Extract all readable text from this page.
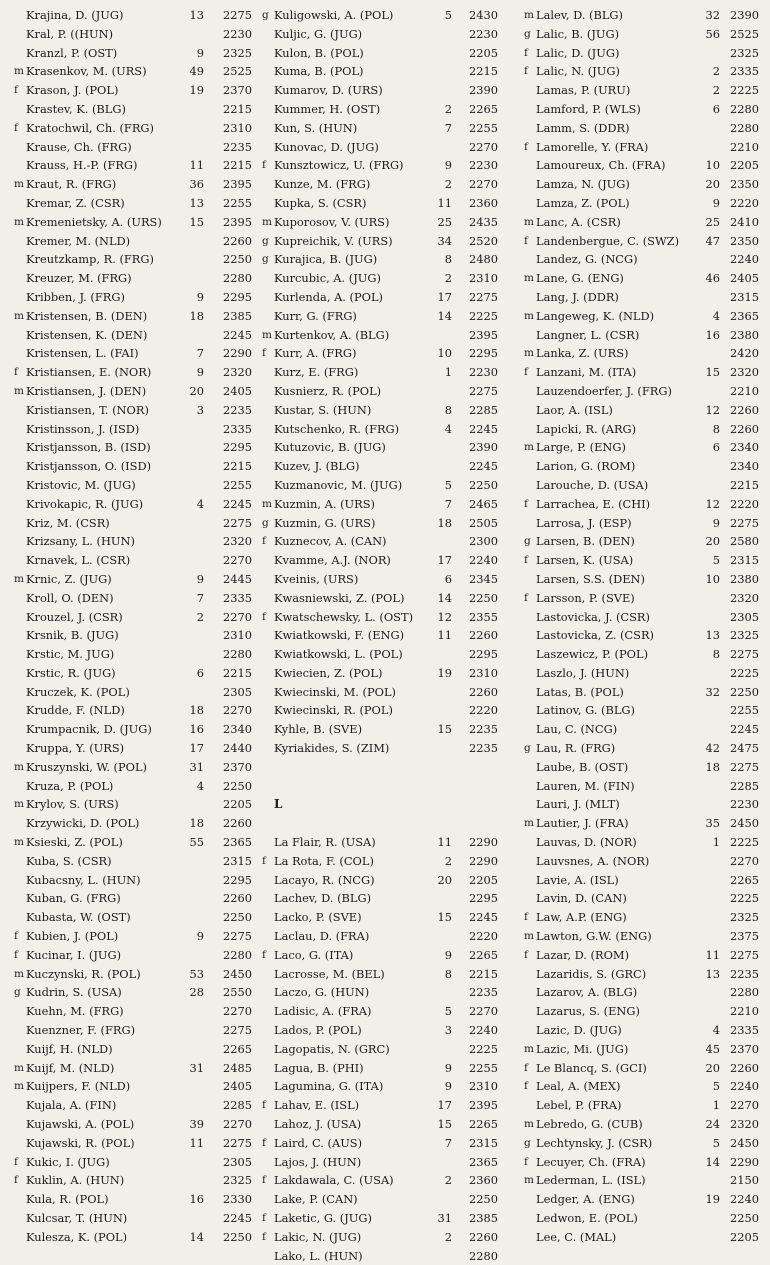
Krajina, D. (JUG)	13	2275
Kral, P. ((HUN)	2230
Kranzl, P. (OST)	9	2325
m Krasenkov, M. (URS)	49	2525
f Krason, J. (POL)	19	2370
Krastev, K. (BLG)	2215
f Kratochwil, Ch. (FRG)	2310
Krause, Ch. (FRG)	2235
Krauss, H.-P. (FRG)	11	2215
m Kraut, R. (FRG)	36	2395
Kremar, Z. (CSR)	13	2255
m Kremenietsky, A. (URS)	15	2395
Kremer, M. (NLD)	2260
Kreutzkamp, R. (FRG)	2250
Kreuzer, M. (FRG)	2280
Kribben, J. (FRG)	9	2295
m Kristensen, B. (DEN)	18	2385
Kristensen, K. (DEN)	2245
Kristensen, L. (FAI)	7	2290
f Kristiansen, E. (NOR)	9	2320
m Kristiansen, J. (DEN)	20	2405
Kristiansen, T. (NOR)	3	2235
Kristinsson, J. (ISD)	2335
Kristjansson, B. (ISD)	2295
Kristjansson, O. (ISD)	2215
Kristovic, M. (JUG)	2255
Krivokapic, R. (JUG)	4	2245
Kriz, M. (CSR)	2275
Krizsany, L. (HUN)	2320
Krnavek, L. (CSR)	2270
m Krnic, Z. (JUG)	9	2445
Kroll, O. (DEN)	7	2335
Krouzel, J. (CSR)	2	2270
Krsnik, B. (JUG)	2310
Krstic, M. JUG)	2280
Krstic, R. (JUG)	6	2215
Kruczek, K. (POL)	2305
Krudde, F. (NLD)	18	2270
Krumpacnik, D. (JUG)	16	2340
Kruppa, Y. (URS)	17	2440
m Kruszynski, W. (POL)	31	2370
Kruza, P. (POL)	4	2250
m Krylov, S. (URS)	2205
Krzywicki, D. (POL)	18	2260
m Ksieski, Z. (POL)	55	2365
Kuba, S. (CSR)	2315
Kubacsny, L. (HUN)	2295
Kuban, G. (FRG)	2260
Kubasta, W. (OST)	2250
f Kubien, J. (POL)	9	2275
f Kucinar, I. (JUG)	2280
m Kuczynski, R. (POL)	53	2450
g Kudrin, S. (USA)	28	2550
Kuehn, M. (FRG)	2270
Kuenzner, F. (FRG)	2275
Kuijf, H. (NLD)	2265
m Kuijf, M. (NLD)	31	2485
m Kuijpers, F. (NLD)	2405
Kujala, A. (FIN)	2285
Kujawski, A. (POL)	39	2270
Kujawski, R. (POL)	11	2275
f Kukic, I. (JUG)	2305
f Kuklin, A. (HUN)	2325
Kula, R. (POL)	16	2330
Kulcsar, T. (HUN)	2245
Kulesza, K. (POL)	14	2250
g Kuligowski, A. (POL)	5	2430
Kuljic, G. (JUG)	2230
Kulon, B. (POL)	2205
Kuma, B. (POL)	2215
Kumarov, D. (URS)	2390
Kummer, H. (OST)	2	2265
Kun, S. (HUN)	7	2255
Kunovac, D. (JUG)	2270
f Kunsztowicz, U. (FRG)	9	2230
Kunze, M. (FRG)	2	2270
Kupka, S. (CSR)	11	2360
m Kuporosov, V. (URS)	25	2435
g Kupreichik, V. (URS)	34	2520
g Kurajica, B. (JUG)	8	2480
Kurcubic, A. (JUG)	2	2310
Kurlenda, A. (POL)	17	2275
Kurr, G. (FRG)	14	2225
m Kurtenkov, A. (BLG)	2395
f Kurr, A. (FRG)	10	2295
Kurz, E. (FRG)	1	2230
Kusnierz, R. (POL)	2275
Kustar, S. (HUN)	8	2285
Kutschenko, R. (FRG)	4	2245
Kutuzovic, B. (JUG)	2390
Kuzev, J. (BLG)	2245
Kuzmanovic, M. (JUG)	5	2250
m Kuzmin, A. (URS)	7	2465
g Kuzmin, G. (URS)	18	2505
f Kuznecov, A. (CAN)	2300
Kvamme, A.J. (NOR)	17	2240
Kveinis, (URS)	6	2345
Kwasniewski, Z. (POL)	14	2250
f Kwatschewsky, L. (OST)	12	2355
Kwiatkowski, F. (ENG)	11	2260
Kwiatkowski, L. (POL)	2295
Kwiecien, Z. (POL)	19	2310
Kwiecinski, M. (POL)	2260
Kwiecinski, R. (POL)	2220
Kyhle, B. (SVE)	15	2235
Kyriakides, S. (ZIM)	2235
L
La Flair, R. (USA)	11	2290
f La Rota, F. (COL)	2	2290
Lacayo, R. (NCG)	20	2205
Lachev, D. (BLG)	2295
Lacko, P. (SVE)	15	2245
Laclau, D. (FRA)	2220
f Laco, G. (ITA)	9	2265
Lacrosse, M. (BEL)	8	2215
Laczo, G. (HUN)	2235
Ladisic, A. (FRA)	5	2270
Lados, P. (POL)	3	2240
Lagopatis, N. (GRC)	2225
Lagua, B. (PHI)	9	2255
Lagumina, G. (ITA)	9	2310
f Lahav, E. (ISL)	17	2395
Lahoz, J. (USA)	15	2265
f Laird, C. (AUS)	7	2315
Lajos, J. (HUN)	2365
f Lakdawala, C. (USA)	2	2360
Lake, P. (CAN)	2250
f Laketic, G. (JUG)	31	2385
f Lakic, N. (JUG)	2	2260
Lako, L. (HUN)	2280
m Lalev, D. (BLG)	32 2390
g Lalic, B. (JUG)	56 2525
f Lalic, D. (JUG)	2325
f Lalic, N. (JUG)	2 2335
Lamas, P. (URU)	2 2225
Lamford, P. (WLS)	6 2280
Lamm, S. (DDR)	2280
f Lamorelle, Y. (FRA)	2210
Lamoureux, Ch. (FRA)	10 2205
Lamza, N. (JUG)	20 2350
Lamza, Z. (POL)	9 2220
m Lanc, A. (CSR)	25 2410
f Landenbergue, C. (SWZ)	47 2350
Landez, G. (NCG)	2240
m Lane, G. (ENG)	46 2405
Lang, J. (DDR)	2315
m Langeweg, K. (NLD)	4 2365
Langner, L. (CSR)	16 2380
m Lanka, Z. (URS)	2420
f Lanzani, M. (ITA)	15 2320
Lauzendoerfer, J. (FRG)	2210
Laor, A. (ISL)	12 2260
Lapicki, R. (ARG)	8 2260
m Large, P. (ENG)	6 2340
Larion, G. (ROM)	2340
Larouche, D. (USA)	2215
f Larrachea, E. (CHI)	12 2220
Larrosa, J. (ESP)	9 2275
g Larsen, B. (DEN)	20 2580
f Larsen, K. (USA)	5 2315
Larsen, S.S. (DEN)	10 2380
f Larsson, P. (SVE)	2320
Lastovicka, J. (CSR)	2305
Lastovicka, Z. (CSR)	13 2325
Laszewicz, P. (POL)	8 2275
Laszlo, J. (HUN)	2225
Latas, B. (POL)	32 2250
Latinov, G. (BLG)	2255
Lau, C. (NCG)	2245
g Lau, R. (FRG)	42 2475
Laube, B. (OST)	18 2275
Lauren, M. (FIN)	2285
Lauri, J. (MLT)	2230
m Lautier, J. (FRA)	35 2450
Lauvas, D. (NOR)	1 2225
Lauvsnes, A. (NOR)	2270
Lavie, A. (ISL)	2265
Lavin, D. (CAN)	2225
f Law, A.P. (ENG)	2325
m Lawton, G.W. (ENG)	2375
f Lazar, D. (ROM)	11 2275
Lazaridis, S. (GRC)	13 2235
Lazarov, A. (BLG)	2280
Lazarus, S. (ENG)	2210
Lazic, D. (JUG)	4 2335
m Lazic, Mi. (JUG)	45 2370
f Le Blancq, S. (GCI)	20 2260
f Leal, A. (MEX)	5 2240
Lebel, P. (FRA)	1 2270
m Lebredo, G. (CUB)	24 2320
g Lechtynsky, J. (CSR)	5 2450
f Lecuyer, Ch. (FRA)	14 2290
m Lederman, L. (ISL)	2150
Ledger, A. (ENG)	19 2240
Ledwon, E. (POL)	2250
Lee, C. (MAL)	2205
